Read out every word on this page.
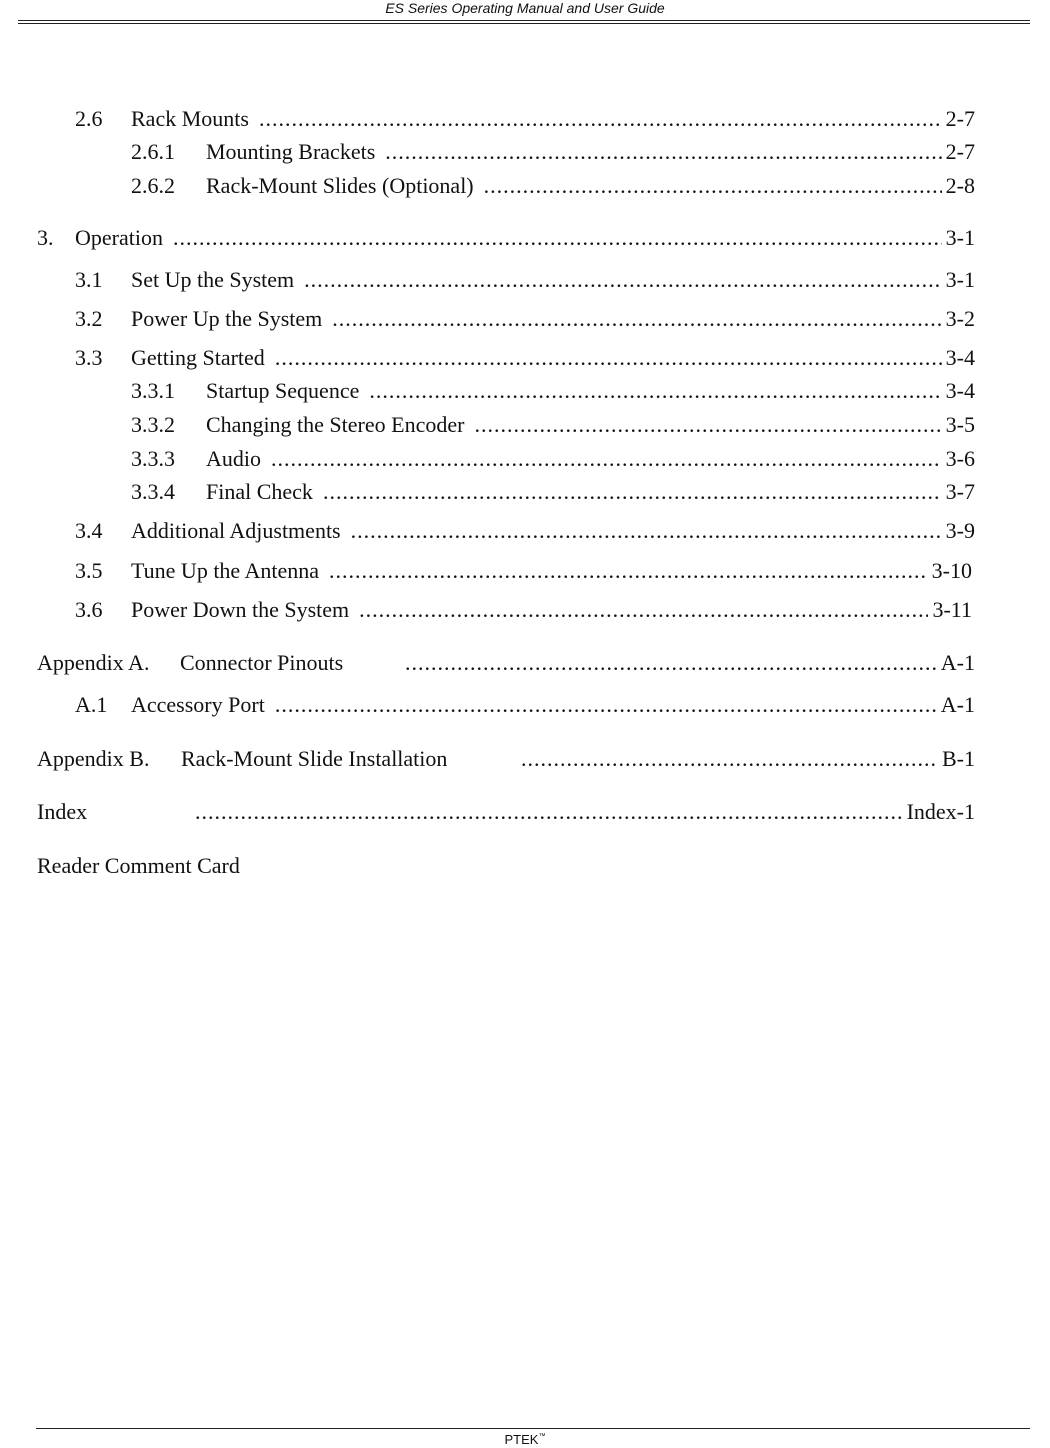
ES Series Operating Manual and User Guide
2.6	Rack Mounts .....	2-7
2.6.1	Mounting Brackets .....	2-7
2.6.2	Rack-Mount Slides (Optional) .....	2-8
3. Operation .....	3-1
3.1	Set Up the System .....	3-1
3.2	Power Up the System .....	3-2
3.3	Getting Started .....	3-4
3.3.1	Startup Sequence .....	3-4
3.3.2	Changing the Stereo Encoder .....	3-5
3.3.3	Audio .....	3-6
3.3.4	Final Check .....	3-7
3.4	Additional Adjustments .....	3-9
3.5	Tune Up the Antenna .....	3-10
3.6	Power Down the System .....	3-11
Appendix A.	Connector Pinouts .....	A-1
A.1	Accessory Port .....	A-1
Appendix B.	Rack-Mount Slide Installation .....	B-1
Index .....	Index-1
Reader Comment Card
PTEK™
